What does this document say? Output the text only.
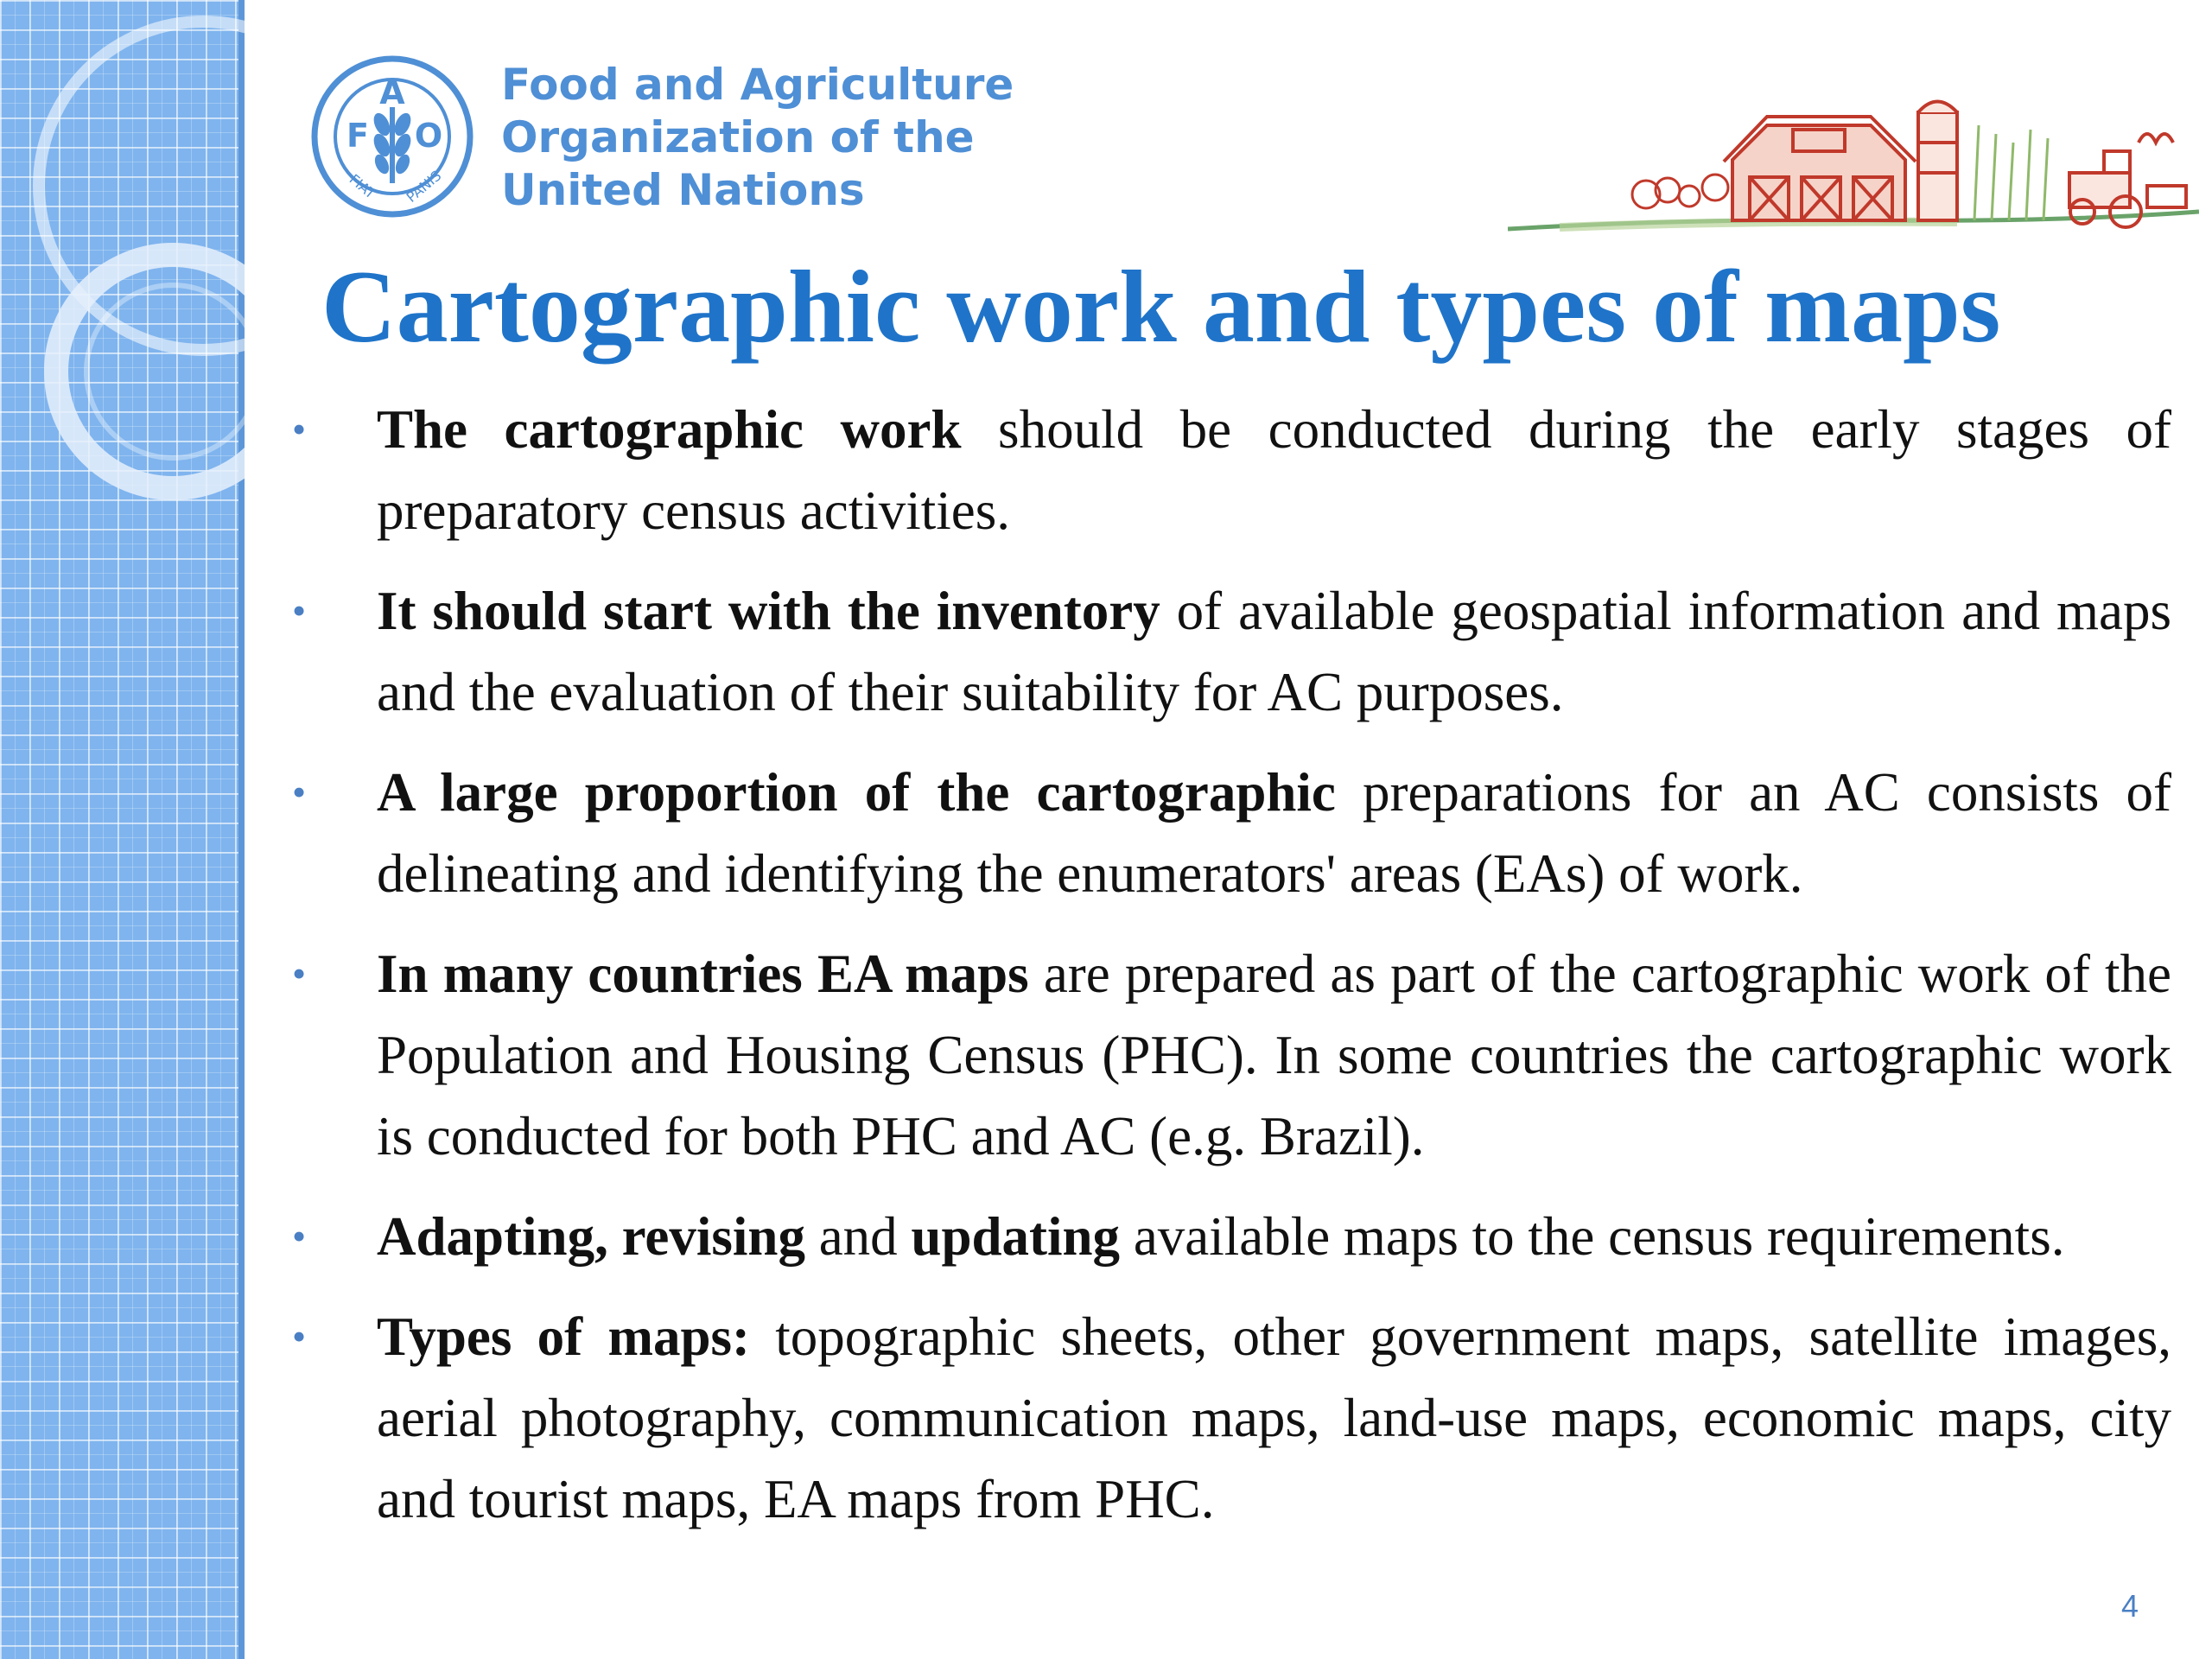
F
A
O
FIAT PANIS
Food and Agriculture
Organization of the
United Nations
Cartographic work and types of maps
• The cartographic work should be conducted during the early stages of preparatory census activities.
• It should start with the inventory of available geospatial information and maps and the evaluation of their suitability for AC purposes.
• A large proportion of the cartographic preparations for an AC consists of delineating and identifying the enumerators' areas (EAs) of work.
• In many countries EA maps are prepared as part of the cartographic work of the Population and Housing Census (PHC). In some countries the cartographic work is conducted for both PHC and AC (e.g. Brazil).
• Adapting, revising and updating available maps to the census requirements.
• Types of maps: topographic sheets, other government maps, satellite images, aerial photography, communication maps, land-use maps, economic maps, city and tourist maps, EA maps from PHC.
4
